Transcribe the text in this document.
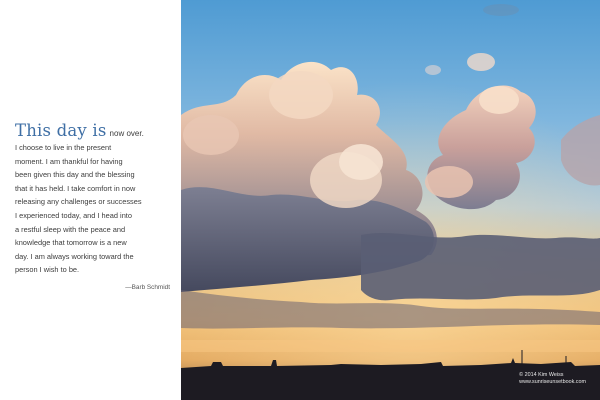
This day is now over.
I choose to live in the present
moment. I am thankful for having
been given this day and the blessing
that it has held. I take comfort in now
releasing any challenges or successes
I experienced today, and I head into
a restful sleep with the peace and
knowledge that tomorrow is a new
day. I am always working toward the
person I wish to be.
—Barb Schmidt
© 2014 Kim Weiss
www.sunriseunsetbook.com
